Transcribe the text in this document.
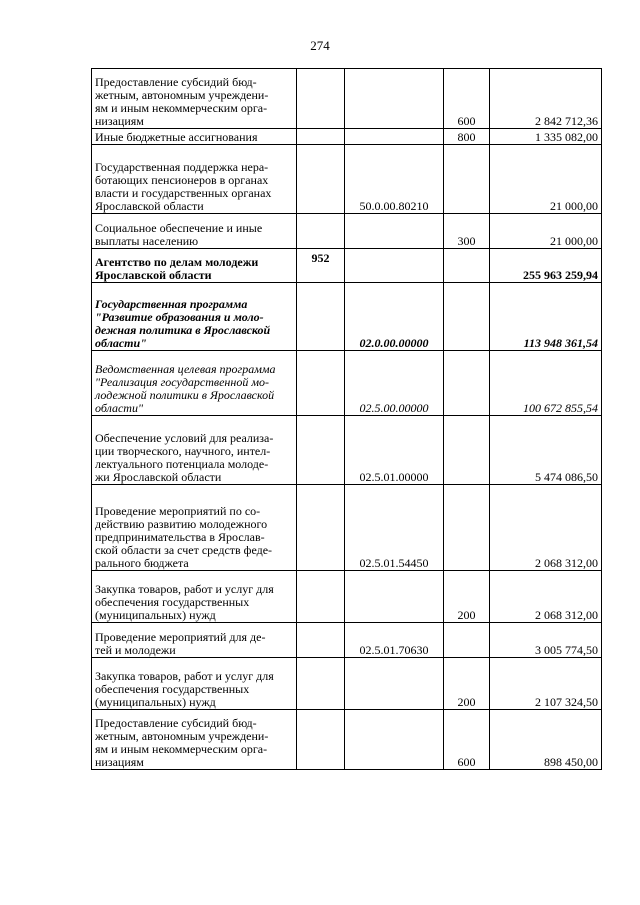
274
Предоставление субсидий бюд-
жетным, автономным учреждени-
ям и иным некоммерческим орга-
низациям			600	2 842 712,36
Иные бюджетные ассигнования			800	1 335 082,00
Государственная поддержка нера-
ботающих пенсионеров в органах
власти и государственных органах
Ярославской области		50.0.00.80210		21 000,00
Социальное обеспечение и иные
выплаты населению			300	21 000,00
Агентство по делам молодежи
Ярославской области	952			255 963 259,94
Государственная программа
"Развитие образования и моло-
дежная политика в Ярославской
области"		02.0.00.00000		113 948 361,54
Ведомственная целевая программа
"Реализация государственной мо-
лодежной политики в Ярославской
области"		02.5.00.00000		100 672 855,54
Обеспечение условий для реализа-
ции творческого, научного, интел-
лектуального потенциала молоде-
жи Ярославской области		02.5.01.00000		5 474 086,50
Проведение мероприятий по со-
действию развитию молодежного
предпринимательства в Ярослав-
ской области за счет средств феде-
рального бюджета		02.5.01.54450		2 068 312,00
Закупка товаров, работ и услуг для
обеспечения государственных
(муниципальных) нужд			200	2 068 312,00
Проведение мероприятий для де-
тей и молодежи		02.5.01.70630		3 005 774,50
Закупка товаров, работ и услуг для
обеспечения государственных
(муниципальных) нужд			200	2 107 324,50
Предоставление субсидий бюд-
жетным, автономным учреждени-
ям и иным некоммерческим орга-
низациям			600	898 450,00
